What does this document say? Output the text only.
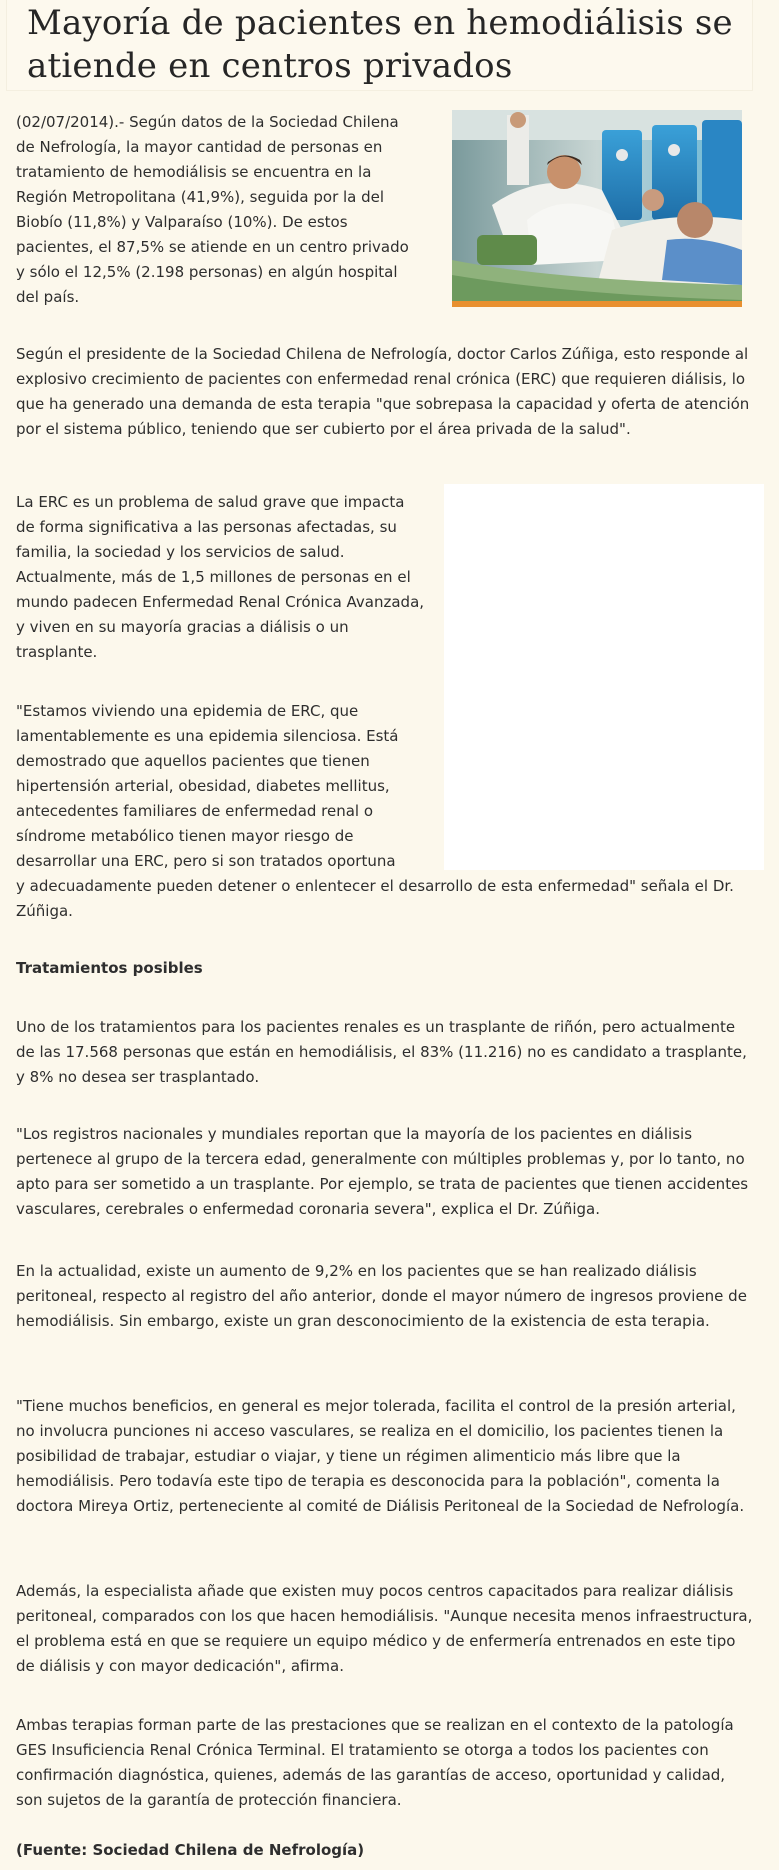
Mayoría de pacientes en hemodiálisis se atiende en centros privados

(02/07/2014).- Según datos de la Sociedad Chilena de Nefrología, la mayor cantidad de personas en tratamiento de hemodiálisis se encuentra en la Región Metropolitana (41,9%), seguida por la del Biobío (11,8%) y Valparaíso (10%). De estos pacientes, el 87,5% se atiende en un centro privado y sólo el 12,5% (2.198 personas) en algún hospital del país.

Según el presidente de la Sociedad Chilena de Nefrología, doctor Carlos Zúñiga, esto responde al explosivo crecimiento de pacientes con enfermedad renal crónica (ERC) que requieren diálisis, lo que ha generado una demanda de esta terapia "que sobrepasa la capacidad y oferta de atención por el sistema público, teniendo que ser cubierto por el área privada de la salud".

La ERC es un problema de salud grave que impacta de forma significativa a las personas afectadas, su familia, la sociedad y los servicios de salud. Actualmente, más de 1,5 millones de personas en el mundo padecen Enfermedad Renal Crónica Avanzada, y viven en su mayoría gracias a diálisis o un trasplante.

"Estamos viviendo una epidemia de ERC, que lamentablemente es una epidemia silenciosa. Está demostrado que aquellos pacientes que tienen hipertensión arterial, obesidad, diabetes mellitus, antecedentes familiares de enfermedad renal o síndrome metabólico tienen mayor riesgo de desarrollar una ERC, pero si son tratados oportuna

y adecuadamente pueden detener o enlentecer el desarrollo de esta enfermedad" señala el Dr. Zúñiga.

Tratamientos posibles

Uno de los tratamientos para los pacientes renales es un trasplante de riñón, pero actualmente de las 17.568 personas que están en hemodiálisis, el 83% (11.216) no es candidato a trasplante, y 8% no desea ser trasplantado.

"Los registros nacionales y mundiales reportan que la mayoría de los pacientes en diálisis pertenece al grupo de la tercera edad, generalmente con múltiples problemas y, por lo tanto, no apto para ser sometido a un trasplante. Por ejemplo, se trata de pacientes que tienen accidentes vasculares, cerebrales o enfermedad coronaria severa", explica el Dr. Zúñiga.

En la actualidad, existe un aumento de 9,2% en los pacientes que se han realizado diálisis peritoneal, respecto al registro del año anterior, donde el mayor número de ingresos proviene de hemodiálisis. Sin embargo, existe un gran desconocimiento de la existencia de esta terapia.

"Tiene muchos beneficios, en general es mejor tolerada, facilita el control de la presión arterial, no involucra punciones ni acceso vasculares, se realiza en el domicilio, los pacientes tienen la posibilidad de trabajar, estudiar o viajar, y tiene un régimen alimenticio más libre que la hemodiálisis. Pero todavía este tipo de terapia es desconocida para la población", comenta la doctora Mireya Ortiz, perteneciente al comité de Diálisis Peritoneal de la Sociedad de Nefrología.

Además, la especialista añade que existen muy pocos centros capacitados para realizar diálisis peritoneal, comparados con los que hacen hemodiálisis. "Aunque necesita menos infraestructura, el problema está en que se requiere un equipo médico y de enfermería entrenados en este tipo de diálisis y con mayor dedicación", afirma.

Ambas terapias forman parte de las prestaciones que se realizan en el contexto de la patología GES Insuficiencia Renal Crónica Terminal. El tratamiento se otorga a todos los pacientes con confirmación diagnóstica, quienes, además de las garantías de acceso, oportunidad y calidad, son sujetos de la garantía de protección financiera.

(Fuente: Sociedad Chilena de Nefrología)
